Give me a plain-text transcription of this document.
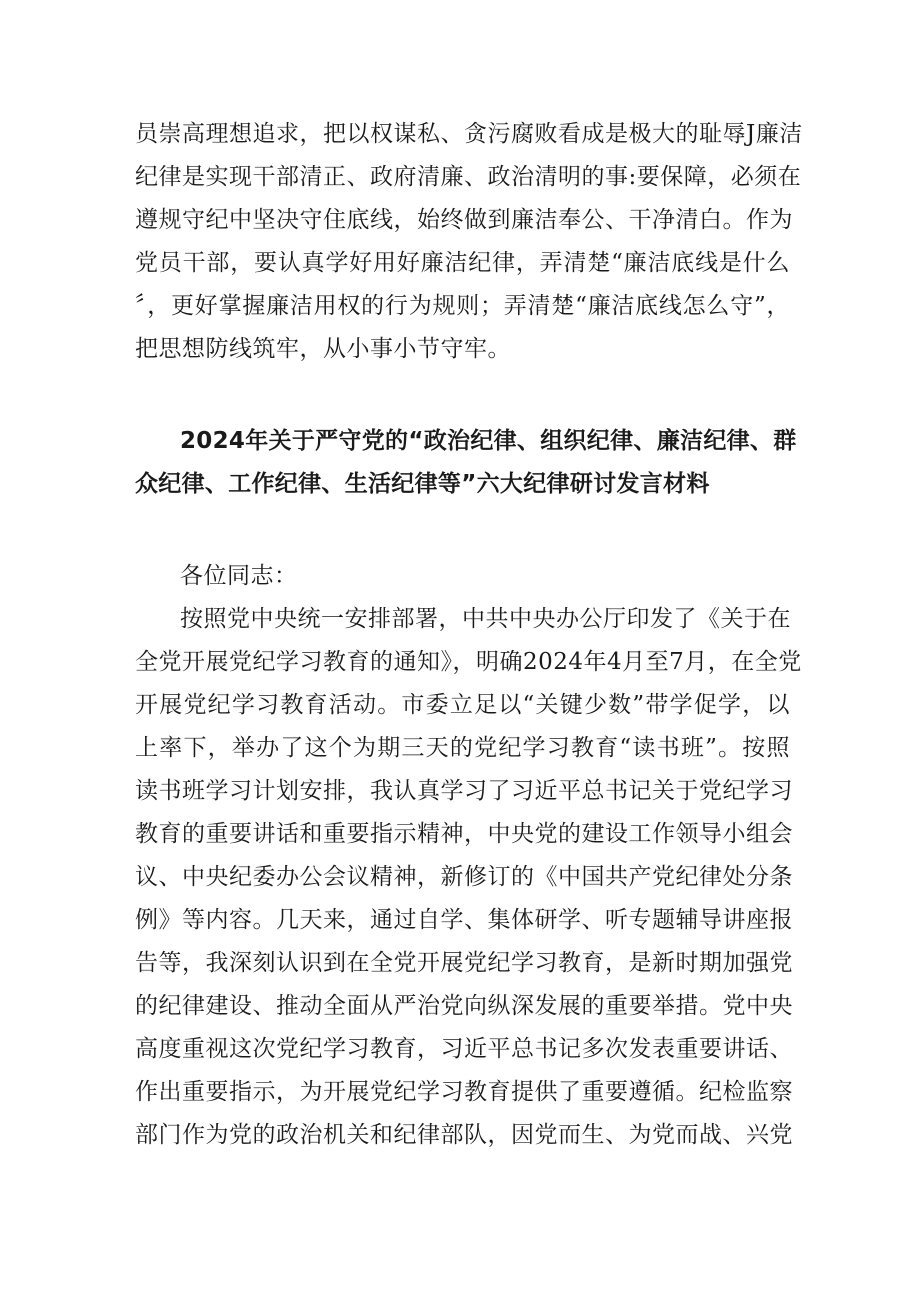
员崇高理想追求，把以权谋私、贪污腐败看成是极大的耻辱J廉洁
纪律是实现干部清正、政府清廉、政治清明的事:要保障，必须在
遵规守纪中坚决守住底线，始终做到廉洁奉公、干净清白。作为
党员干部，要认真学好用好廉洁纪律，弄清楚“廉洁底线是什么
〞，更好掌握廉洁用权的行为规则；弄清楚“廉洁底线怎么守”，
把思想防线筑牢，从小事小节守牢。
2024年关于严守党的“政治纪律、组织纪律、廉洁纪律、群
众纪律、工作纪律、生活纪律等”六大纪律研讨发言材料
各位同志：
按照党中央统一安排部署，中共中央办公厅印发了《关于在
全党开展党纪学习教育的通知》，明确2024年4月至7月，在全党
开展党纪学习教育活动。市委立足以“关键少数”带学促学，以
上率下，举办了这个为期三天的党纪学习教育“读书班”。按照
读书班学习计划安排，我认真学习了习近平总书记关于党纪学习
教育的重要讲话和重要指示精神，中央党的建设工作领导小组会
议、中央纪委办公会议精神，新修订的《中国共产党纪律处分条
例》等内容。几天来，通过自学、集体研学、听专题辅导讲座报
告等，我深刻认识到在全党开展党纪学习教育，是新时期加强党
的纪律建设、推动全面从严治党向纵深发展的重要举措。党中央
高度重视这次党纪学习教育，习近平总书记多次发表重要讲话、
作出重要指示，为开展党纪学习教育提供了重要遵循。纪检监察
部门作为党的政治机关和纪律部队，因党而生、为党而战、兴党
